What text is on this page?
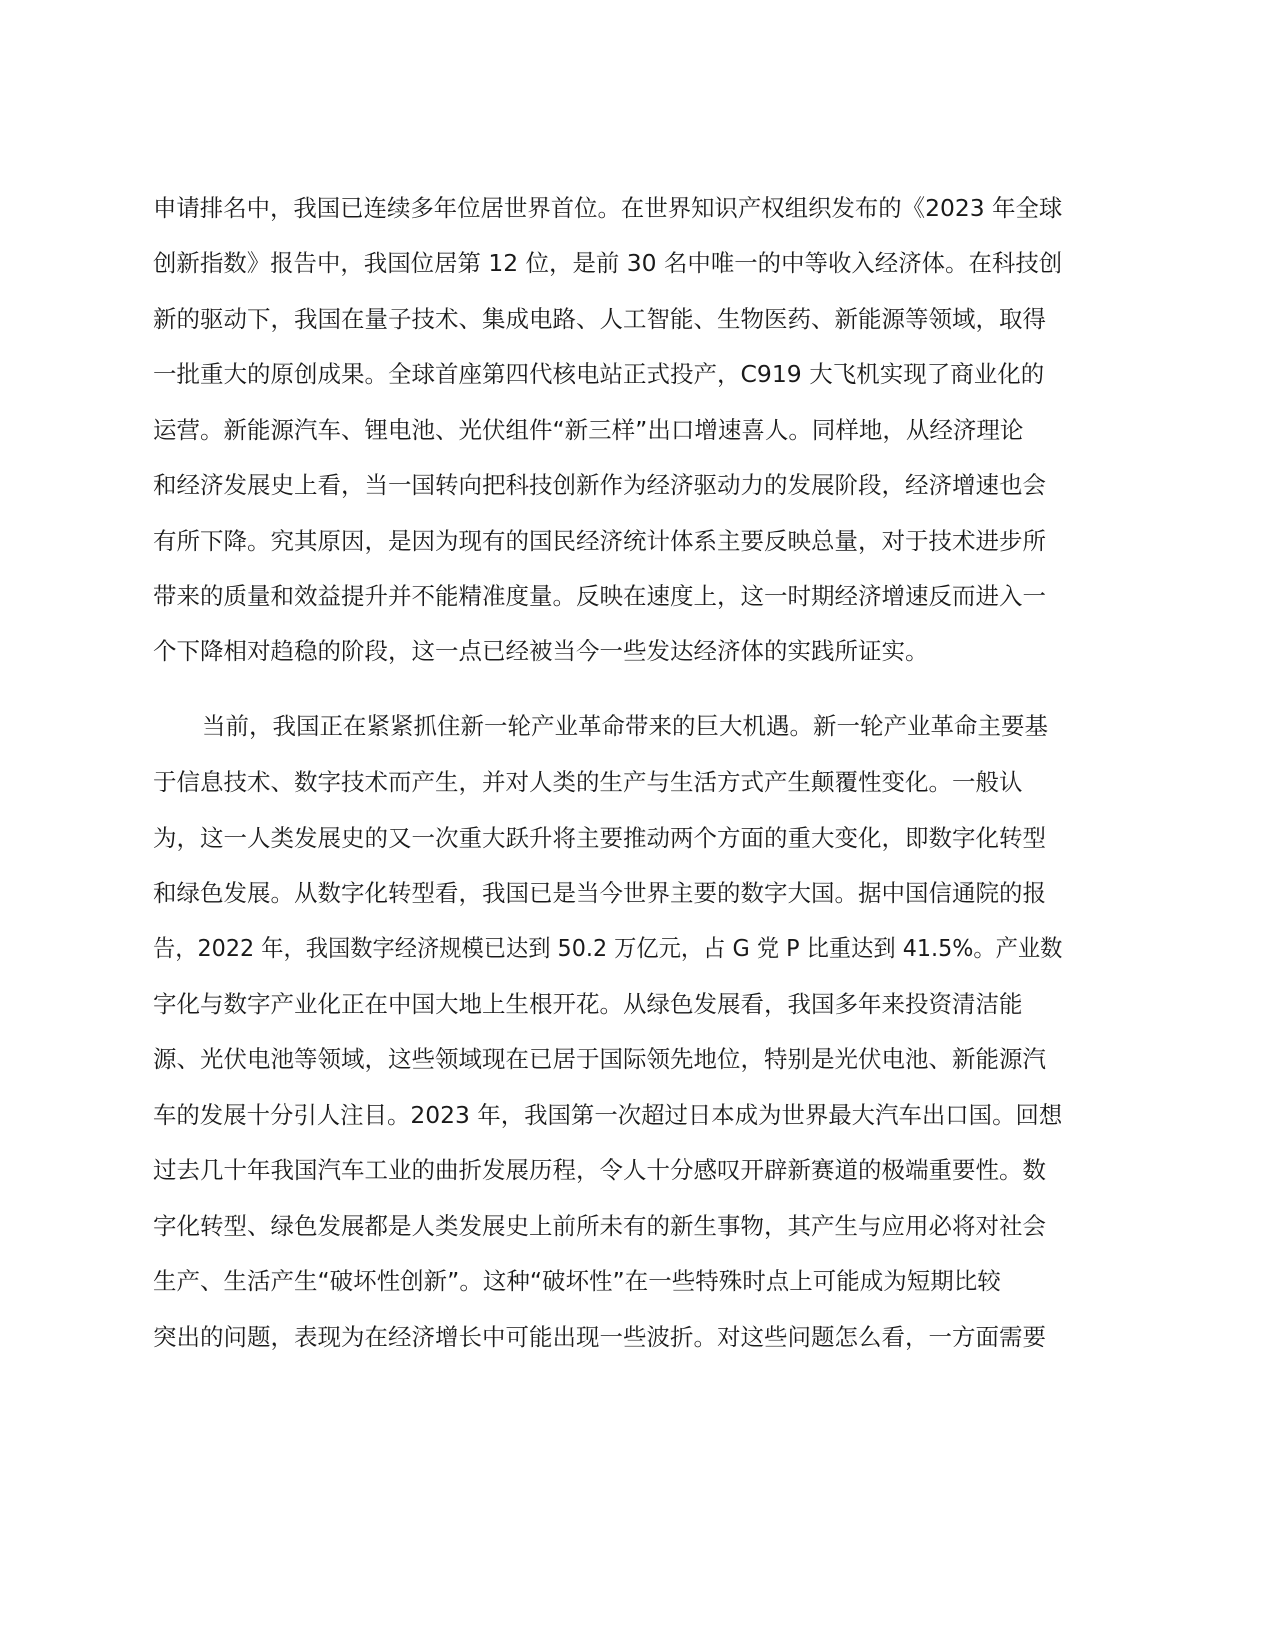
申请排名中，我国已连续多年位居世界首位。在世界知识产权组织发布的《2023 年全球
创新指数》报告中，我国位居第 12 位，是前 30 名中唯一的中等收入经济体。在科技创
新的驱动下，我国在量子技术、集成电路、人工智能、生物医药、新能源等领域，取得
一批重大的原创成果。全球首座第四代核电站正式投产，C919 大飞机实现了商业化的
运营。新能源汽车、锂电池、光伏组件“新三样”出口增速喜人。同样地，从经济理论
和经济发展史上看，当一国转向把科技创新作为经济驱动力的发展阶段，经济增速也会
有所下降。究其原因，是因为现有的国民经济统计体系主要反映总量，对于技术进步所
带来的质量和效益提升并不能精准度量。反映在速度上，这一时期经济增速反而进入一
个下降相对趋稳的阶段，这一点已经被当今一些发达经济体的实践所证实。
当前，我国正在紧紧抓住新一轮产业革命带来的巨大机遇。新一轮产业革命主要基
于信息技术、数字技术而产生，并对人类的生产与生活方式产生颠覆性变化。一般认
为，这一人类发展史的又一次重大跃升将主要推动两个方面的重大变化，即数字化转型
和绿色发展。从数字化转型看，我国已是当今世界主要的数字大国。据中国信通院的报
告，2022 年，我国数字经济规模已达到 50.2 万亿元，占 G 党 P 比重达到 41.5%。产业数
字化与数字产业化正在中国大地上生根开花。从绿色发展看，我国多年来投资清洁能
源、光伏电池等领域，这些领域现在已居于国际领先地位，特别是光伏电池、新能源汽
车的发展十分引人注目。2023 年，我国第一次超过日本成为世界最大汽车出口国。回想
过去几十年我国汽车工业的曲折发展历程，令人十分感叹开辟新赛道的极端重要性。数
字化转型、绿色发展都是人类发展史上前所未有的新生事物，其产生与应用必将对社会
生产、生活产生“破坏性创新”。这种“破坏性”在一些特殊时点上可能成为短期比较
突出的问题，表现为在经济增长中可能出现一些波折。对这些问题怎么看，一方面需要
